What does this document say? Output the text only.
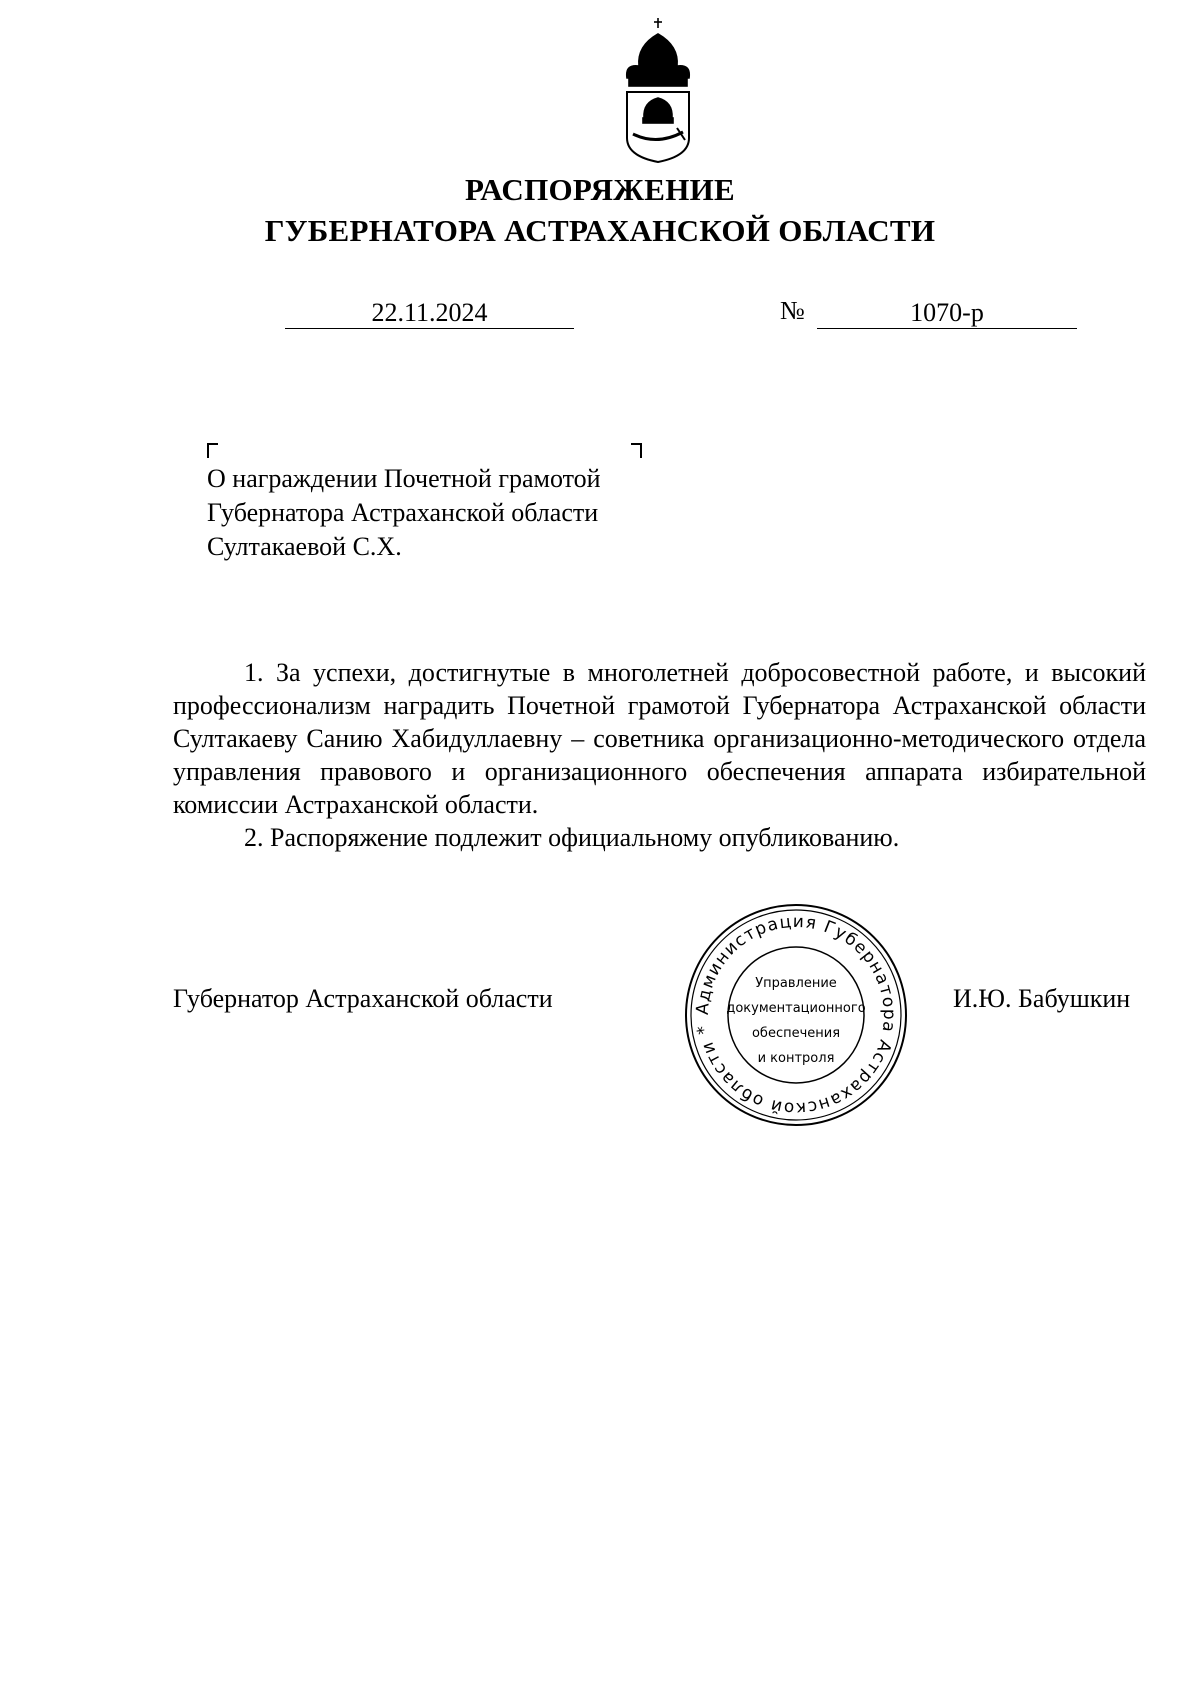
РАСПОРЯЖЕНИЕ
ГУБЕРНАТОРА АСТРАХАНСКОЙ ОБЛАСТИ
22.11.2024	№	1070-р
О награждении Почетной грамотой
Губернатора Астраханской области
Султакаевой С.Х.

1. За успехи, достигнутые в многолетней добросовестной работе, и высокий профессионализм наградить Почетной грамотой Губернатора Астраханской области Султакаеву Санию Хабидуллаевну – советника организационно-методического отдела управления правового и организационного обеспечения аппарата избирательной комиссии Астраханской области.

2. Распоряжение подлежит официальному опубликованию.

Губернатор Астраханской области	И.Ю. Бабушкин
Администрация Губернатора Астраханской области *
Управление
документационного
обеспечения
и контроля
